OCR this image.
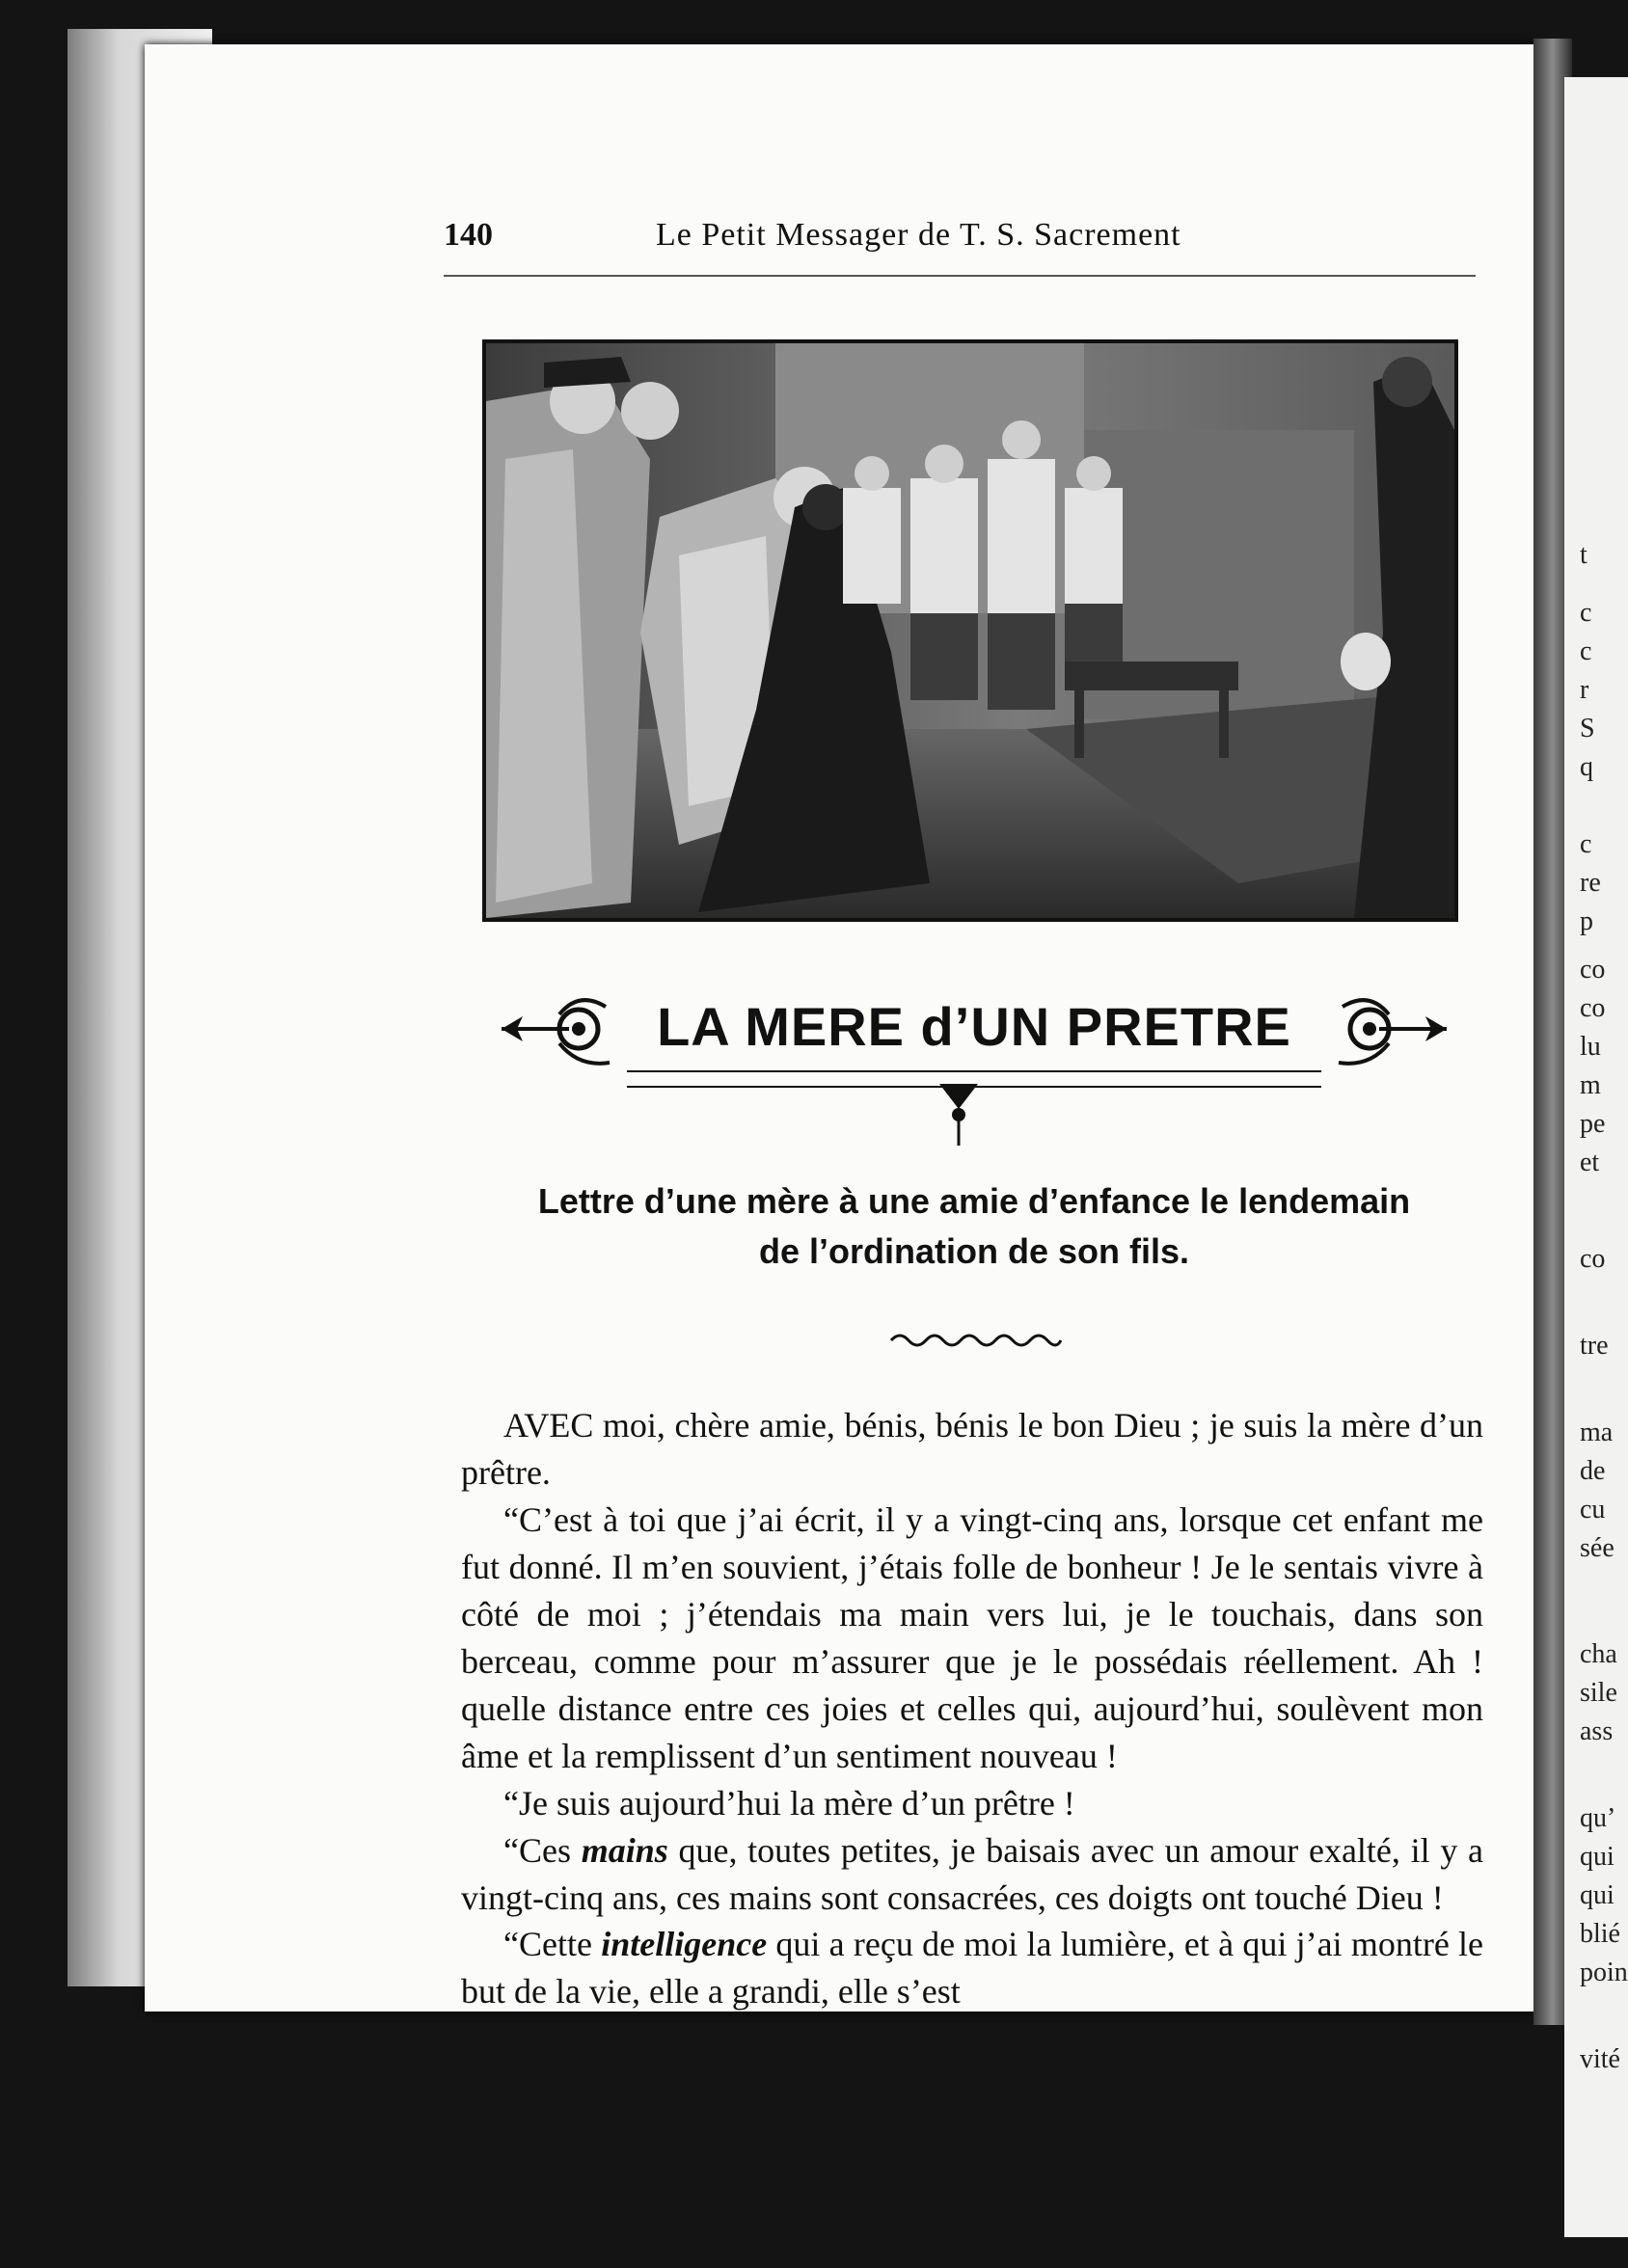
t
c
c
r
S
q
c
re
p
co
co
lu
m
pe
et
co
tre
ma
de
cu
sée
cha
sile
ass
qu’
qui
qui
blié
poin
vité
140	Le Petit Messager de T. S. Sacrement
LA MERE d’UN PRETRE
Lettre d’une mère à une amie d’enfance le lendemain
de l’ordination de son fils.

AVEC moi, chère amie, bénis, bénis le bon Dieu ; je suis la mère d’un prêtre.

“C’est à toi que j’ai écrit, il y a vingt-cinq ans, lorsque cet enfant me fut donné. Il m’en souvient, j’étais folle de bonheur ! Je le sentais vivre à côté de moi ; j’étendais ma main vers lui, je le touchais, dans son berceau, comme pour m’assurer que je le possédais réellement. Ah ! quelle distance entre ces joies et celles qui, aujourd’hui, soulèvent mon âme et la remplissent d’un sentiment nouveau !

“Je suis aujourd’hui la mère d’un prêtre !

“Ces mains que, toutes petites, je baisais avec un amour exalté, il y a vingt-cinq ans, ces mains sont consacrées, ces doigts ont touché Dieu !

“Cette intelligence qui a reçu de moi la lumière, et à qui j’ai montré le but de la vie, elle a grandi, elle s’est
